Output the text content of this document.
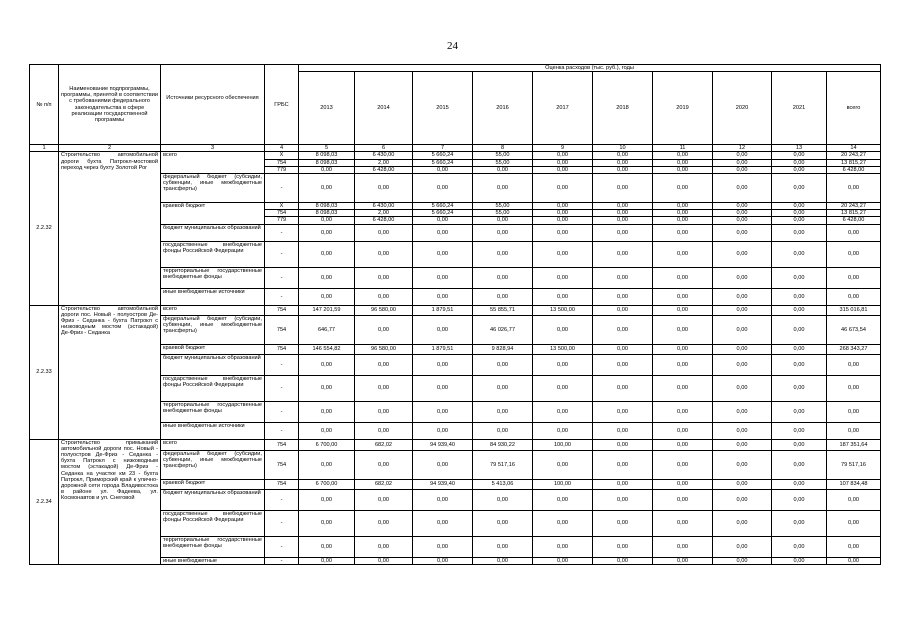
24
№ п/п	Наименование подпрограммы, программы, принятой в соответствии с требованиями федерального законодательства в сфере реализации государственной программы	Источники ресурсного обеспечения	ГРБС	Оценка расходов (тыс. руб.), годы									
				2013	2014	2015	2016	2017	2018	2019	2020	2021	всего
1	2	3	4	5	6	7	8	9	10	11	12	13	14
2.2.32	Строительство автомобильной дороги бухта Патрокл-мостовой переход через бухту Золотой Рог	всего	X	8 098,03	6 430,00	5 660,24	55,00	0,00	0,00	0,00	0,00	0,00	20 243,27
			754	8 098,03	2,00	5 660,24	55,00	0,00	0,00	0,00	0,00	0,00	13 815,27
			779	0,00	6 428,00	0,00	0,00	0,00	0,00	0,00	0,00	0,00	6 428,00
		федеральный бюджет (субсидии, субвенции, иные межбюджетные трансферты)	-	0,00	0,00	0,00	0,00	0,00	0,00	0,00	0,00	0,00	0,00
		краевой бюджет	X	8 098,03	6 430,00	5 660,24	55,00	0,00	0,00	0,00	0,00	0,00	20 243,27
			754	8 098,03	2,00	5 660,24	55,00	0,00	0,00	0,00	0,00	0,00	13 815,27
			779	0,00	6 428,00	0,00	0,00	0,00	0,00	0,00	0,00	0,00	6 428,00
		бюджет муниципальных образований	-	0,00	0,00	0,00	0,00	0,00	0,00	0,00	0,00	0,00	0,00
		государственные внебюджетные фонды Российской Федерации	-	0,00	0,00	0,00	0,00	0,00	0,00	0,00	0,00	0,00	0,00
		территориальные государственные внебюджетные фонды	-	0,00	0,00	0,00	0,00	0,00	0,00	0,00	0,00	0,00	0,00
		иные внебюджетные источники	-	0,00	0,00	0,00	0,00	0,00	0,00	0,00	0,00	0,00	0,00
2.2.33	Строительство автомобильной дороги пос. Новый - полуостров Де-Фриз - Седанка - бухта Патрокл с низководным мостом (эстакадой) Де-Фриз - Седанка	всего	754	147 201,59	96 580,00	1 879,51	55 855,71	13 500,00	0,00	0,00	0,00	0,00	315 016,81
		федеральный бюджет (субсидии, субвенции, иные межбюджетные трансферты)	754	646,77	0,00	0,00	46 026,77	0,00	0,00	0,00	0,00	0,00	46 673,54
		краевой бюджет	754	146 554,82	96 580,00	1 879,51	9 828,94	13 500,00	0,00	0,00	0,00	0,00	268 343,27
		бюджет муниципальных образований	-	0,00	0,00	0,00	0,00	0,00	0,00	0,00	0,00	0,00	0,00
		государственные внебюджетные фонды Российской Федерации	-	0,00	0,00	0,00	0,00	0,00	0,00	0,00	0,00	0,00	0,00
		территориальные государственные внебюджетные фонды	-	0,00	0,00	0,00	0,00	0,00	0,00	0,00	0,00	0,00	0,00
		иные внебюджетные источники	-	0,00	0,00	0,00	0,00	0,00	0,00	0,00	0,00	0,00	0,00
2.2.34	Строительство примыканий автомобильной дороги пос. Новый - полуостров Де-Фриз - Седанка - бухта Патрокл с низководным мостом (эстакадой) Де-Фриз - Седанка на участке км 23 - бухта Патрокл, Приморский край к улично-дорожной сети города Владивостока в районе ул. Фадеева, ул. Космонавтов и ул. Снеговой	всего	754	6 700,00	682,02	94 939,40	84 930,22	100,00	0,00	0,00	0,00	0,00	187 351,64
		федеральный бюджет (субсидии, субвенции, иные межбюджетные трансферты)	754	0,00	0,00	0,00	79 517,16	0,00	0,00	0,00	0,00	0,00	79 517,16
		краевой бюджет	754	6 700,00	682,02	94 939,40	5 413,06	100,00	0,00	0,00	0,00	0,00	107 834,48
		бюджет муниципальных образований	-	0,00	0,00	0,00	0,00	0,00	0,00	0,00	0,00	0,00	0,00
		государственные внебюджетные фонды Российской Федерации	-	0,00	0,00	0,00	0,00	0,00	0,00	0,00	0,00	0,00	0,00
		территориальные государственные внебюджетные фонды	-	0,00	0,00	0,00	0,00	0,00	0,00	0,00	0,00	0,00	0,00
		иные внебюджетные	-	0,00	0,00	0,00	0,00	0,00	0,00	0,00	0,00	0,00	0,00
